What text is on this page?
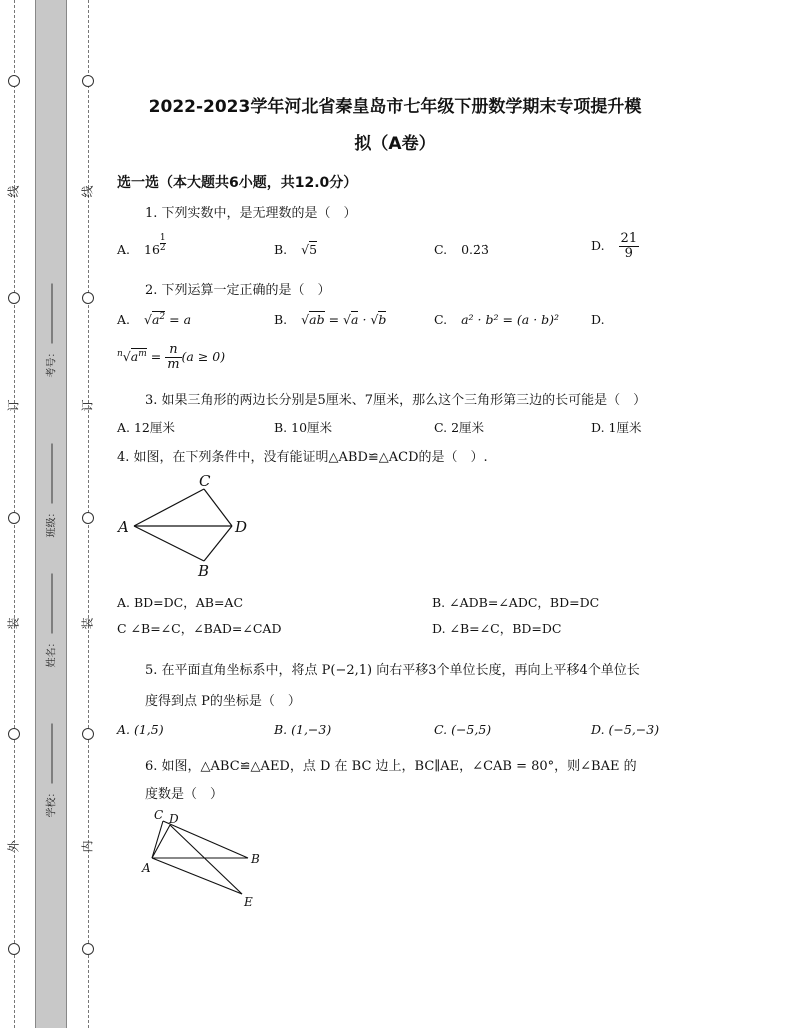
线
订
装
外
线
订
装
内
考号：
班级：
姓名：
学校：
2022-2023学年河北省秦皇岛市七年级下册数学期末专项提升模
拟（A卷）
选一选（本大题共6小题，共12.0分）
1. 下列实数中，是无理数的是（　）
A. $16 \frac{1}{2}$	B. √5	C. 0.2̇3̇	D. $\frac{21}{9}$
2. 下列运算一定正确的是（　）
A. $√a^2 = a$	B. √ab = √a · √b	C. a² · b² = (a · b)²	D.
$^n√a^m = \frac{n}{m} (a \ge 0)$
3. 如果三角形的两边长分别是5厘米、7厘米，那么这个三角形第三边的长可能是（　）
A. 12厘米	B. 10厘米	C. 2厘米	D. 1厘米
4. 如图，在下列条件中，没有能证明△ABD≌△ACD的是（　）.
A
C
B
D
A. BD=DC，AB=AC	B. ∠ADB=∠ADC，BD=DC
C ∠B=∠C，∠BAD=∠CAD	D. ∠B=∠C，BD=DC
5. 在平面直角坐标系中，将点 P(−2,1) 向右平移3个单位长度，再向上平移4个单位长
度得到点 P的坐标是（　）
A. (1,5)	B. (1,−3)	C. (−5,5)	D. (−5,−3)
6. 如图，△ABC≌△AED，点 D 在 BC 边上，BC∥AE，∠CAB = 80°，则∠BAE 的
度数是（　）
C D
A
B
E
